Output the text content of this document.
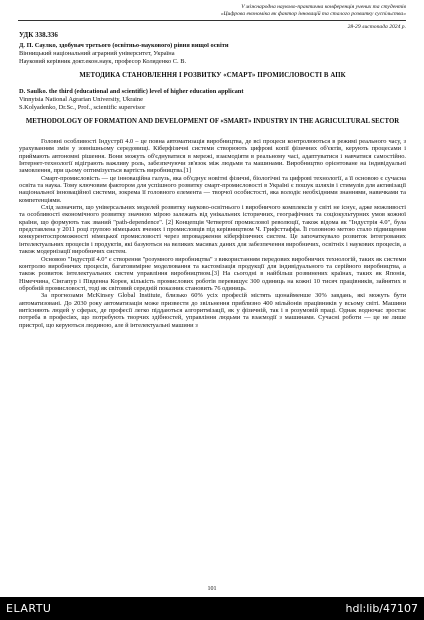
V міжнародна науково-практична конференція учених та студентів
«Цифрова економіка як фактор інновацій та сталого розвитку суспільства»
28-29 листопада 2024 р.
УДК 338.336
Д. П. Саулко, здобувач третього (освітньо-наукового) рівня вищої освіти
Вінницький національний аграрний університет, Україна
Науковий керівник докт.екон.наук, професор Коляденко С. В.
МЕТОДИКА СТАНОВЛЕННЯ І РОЗВИТКУ «СМАРТ» ПРОМИСЛОВОСТІ В АПК
D. Saulko. the third (educational and scientific) level of higher education applicant
Vinnytsia National Agrarian University, Ukraine
S.Kolyadenko, Dr.Sc., Prof., scientific supervisor
METHODOLOGY OF FORMATION AND DEVELOPMENT OF «SMART» INDUSTRY IN THE AGRICULTURAL SECTOR

Головні особливості Індустрії 4.0 – це повна автоматизація виробництва, де всі процеси контролюються в режимі реального часу, з урахуванням змін у зовнішньому середовищі. Кіберфізичні системи створюють цифрові копії фізичних об'єктів, керують процесами і приймають автономні рішення. Вони можуть об'єднуватися в мережі, взаємодіяти в реальному часі, адаптуватися і навчатися самостійно. Інтернет-технології відіграють важливу роль, забезпечуючи зв'язок між людьми та машинами. Виробництво орієнтоване на індивідуальні замовлення, при цьому оптимізується вартість виробництва.[1]

Смарт-промисловість — це інноваційна галузь, яка об'єднує новітні фізичні, біологічні та цифрові технології, а її основою є сучасна освіта та наука. Тому ключовим фактором для успішного розвитку смарт-промисловості в Україні є пошук шляхів і стимулів для активізації національної інноваційної системи, зокрема її головного елемента — творчої особистості, яка володіє необхідними знаннями, навичками та компетенціями.

Слід зазначити, що універсальних моделей розвитку науково-освітнього і виробничого комплексів у світі не існує, адже можливості та особливості економічного розвитку значною мірою залежать від унікальних історичних, географічних та соціокультурних умов кожної країни, що формують так званий "path-dependence". [2] Концепція Четвертої промислової революції, також відома як "Індустрія 4.0", була представлена у 2011 році групою німецьких вчених і промисловців під керівництвом Ч. Грифсттаффа. Її головною метою стало підвищення конкурентоспроможності німецької промисловості через впровадження кіберфізичних систем. Це започаткувало розвиток інтегрованих інтелектуальних процесів і продуктів, які базуються на великих масивах даних для забезпечення виробничих, освітніх і наукових процесів, а також модернізації виробничих систем.

Основою "Індустрії 4.0" є створення "розумного виробництва" з використанням передових виробничих технологій, таких як системи контролю виробничих процесів, багатовимірне моделювання та кастомізація продукції для індивідуального та серійного виробництва, а також розвиток інтелектуальних систем управління виробництвом.[3] На сьогодні в найбільш розвинених країнах, таких як Японія, Німеччина, Сінгапур і Південна Корея, кількість промислових роботів перевищує 300 одиниць на кожні 10 тисяч працівників, зайнятих в обробній промисловості, тоді як світовий середній показник становить 76 одиниць.

За прогнозами McKinsey Global Institute, близько 60% усіх професій містять щонайменше 30% завдань, які можуть бути автоматизовані. До 2030 року автоматизація може призвести до звільнення приблизно 400 мільйонів працівників у всьому світі. Машини витісняють людей у сферах, де професії легко піддаються алгоритмізації, як у фізичній, так і в розумовій праці. Однак водночас зростає потреба в професіях, що потребують творчих здібностей, управління людьми та взаємодії з машинами. Сучасні роботи — це не лише пристрої, що керуються людиною, але й інтелектуальні машини з

101
ELARTU	hdl:lib/47107
